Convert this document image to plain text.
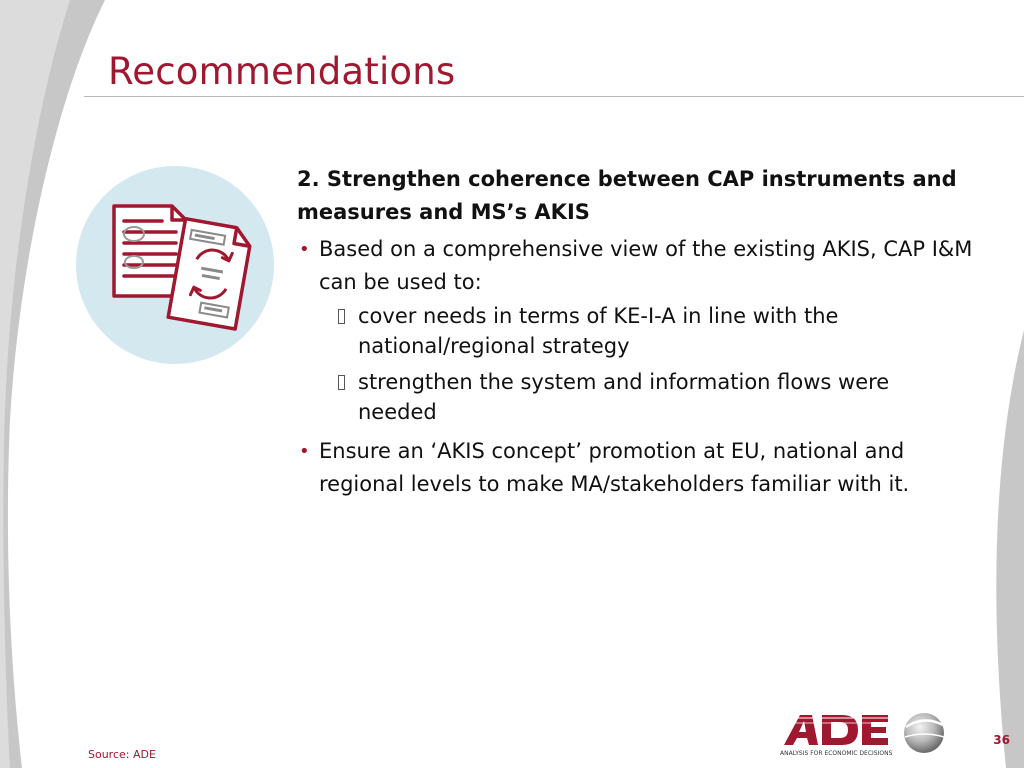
Recommendations
2. Strengthen coherence between CAP instruments and measures and MS’s AKIS
• Based on a comprehensive view of the existing AKIS, CAP I&M can be used to:
cover needs in terms of KE-I-A in line with the national/regional strategy
strengthen the system and information flows were needed
• Ensure an ‘AKIS concept’ promotion at EU, national and regional levels to make MA/stakeholders familiar with it.
Source: ADE	ANALYSIS FOR ECONOMIC DECISIONS
36
